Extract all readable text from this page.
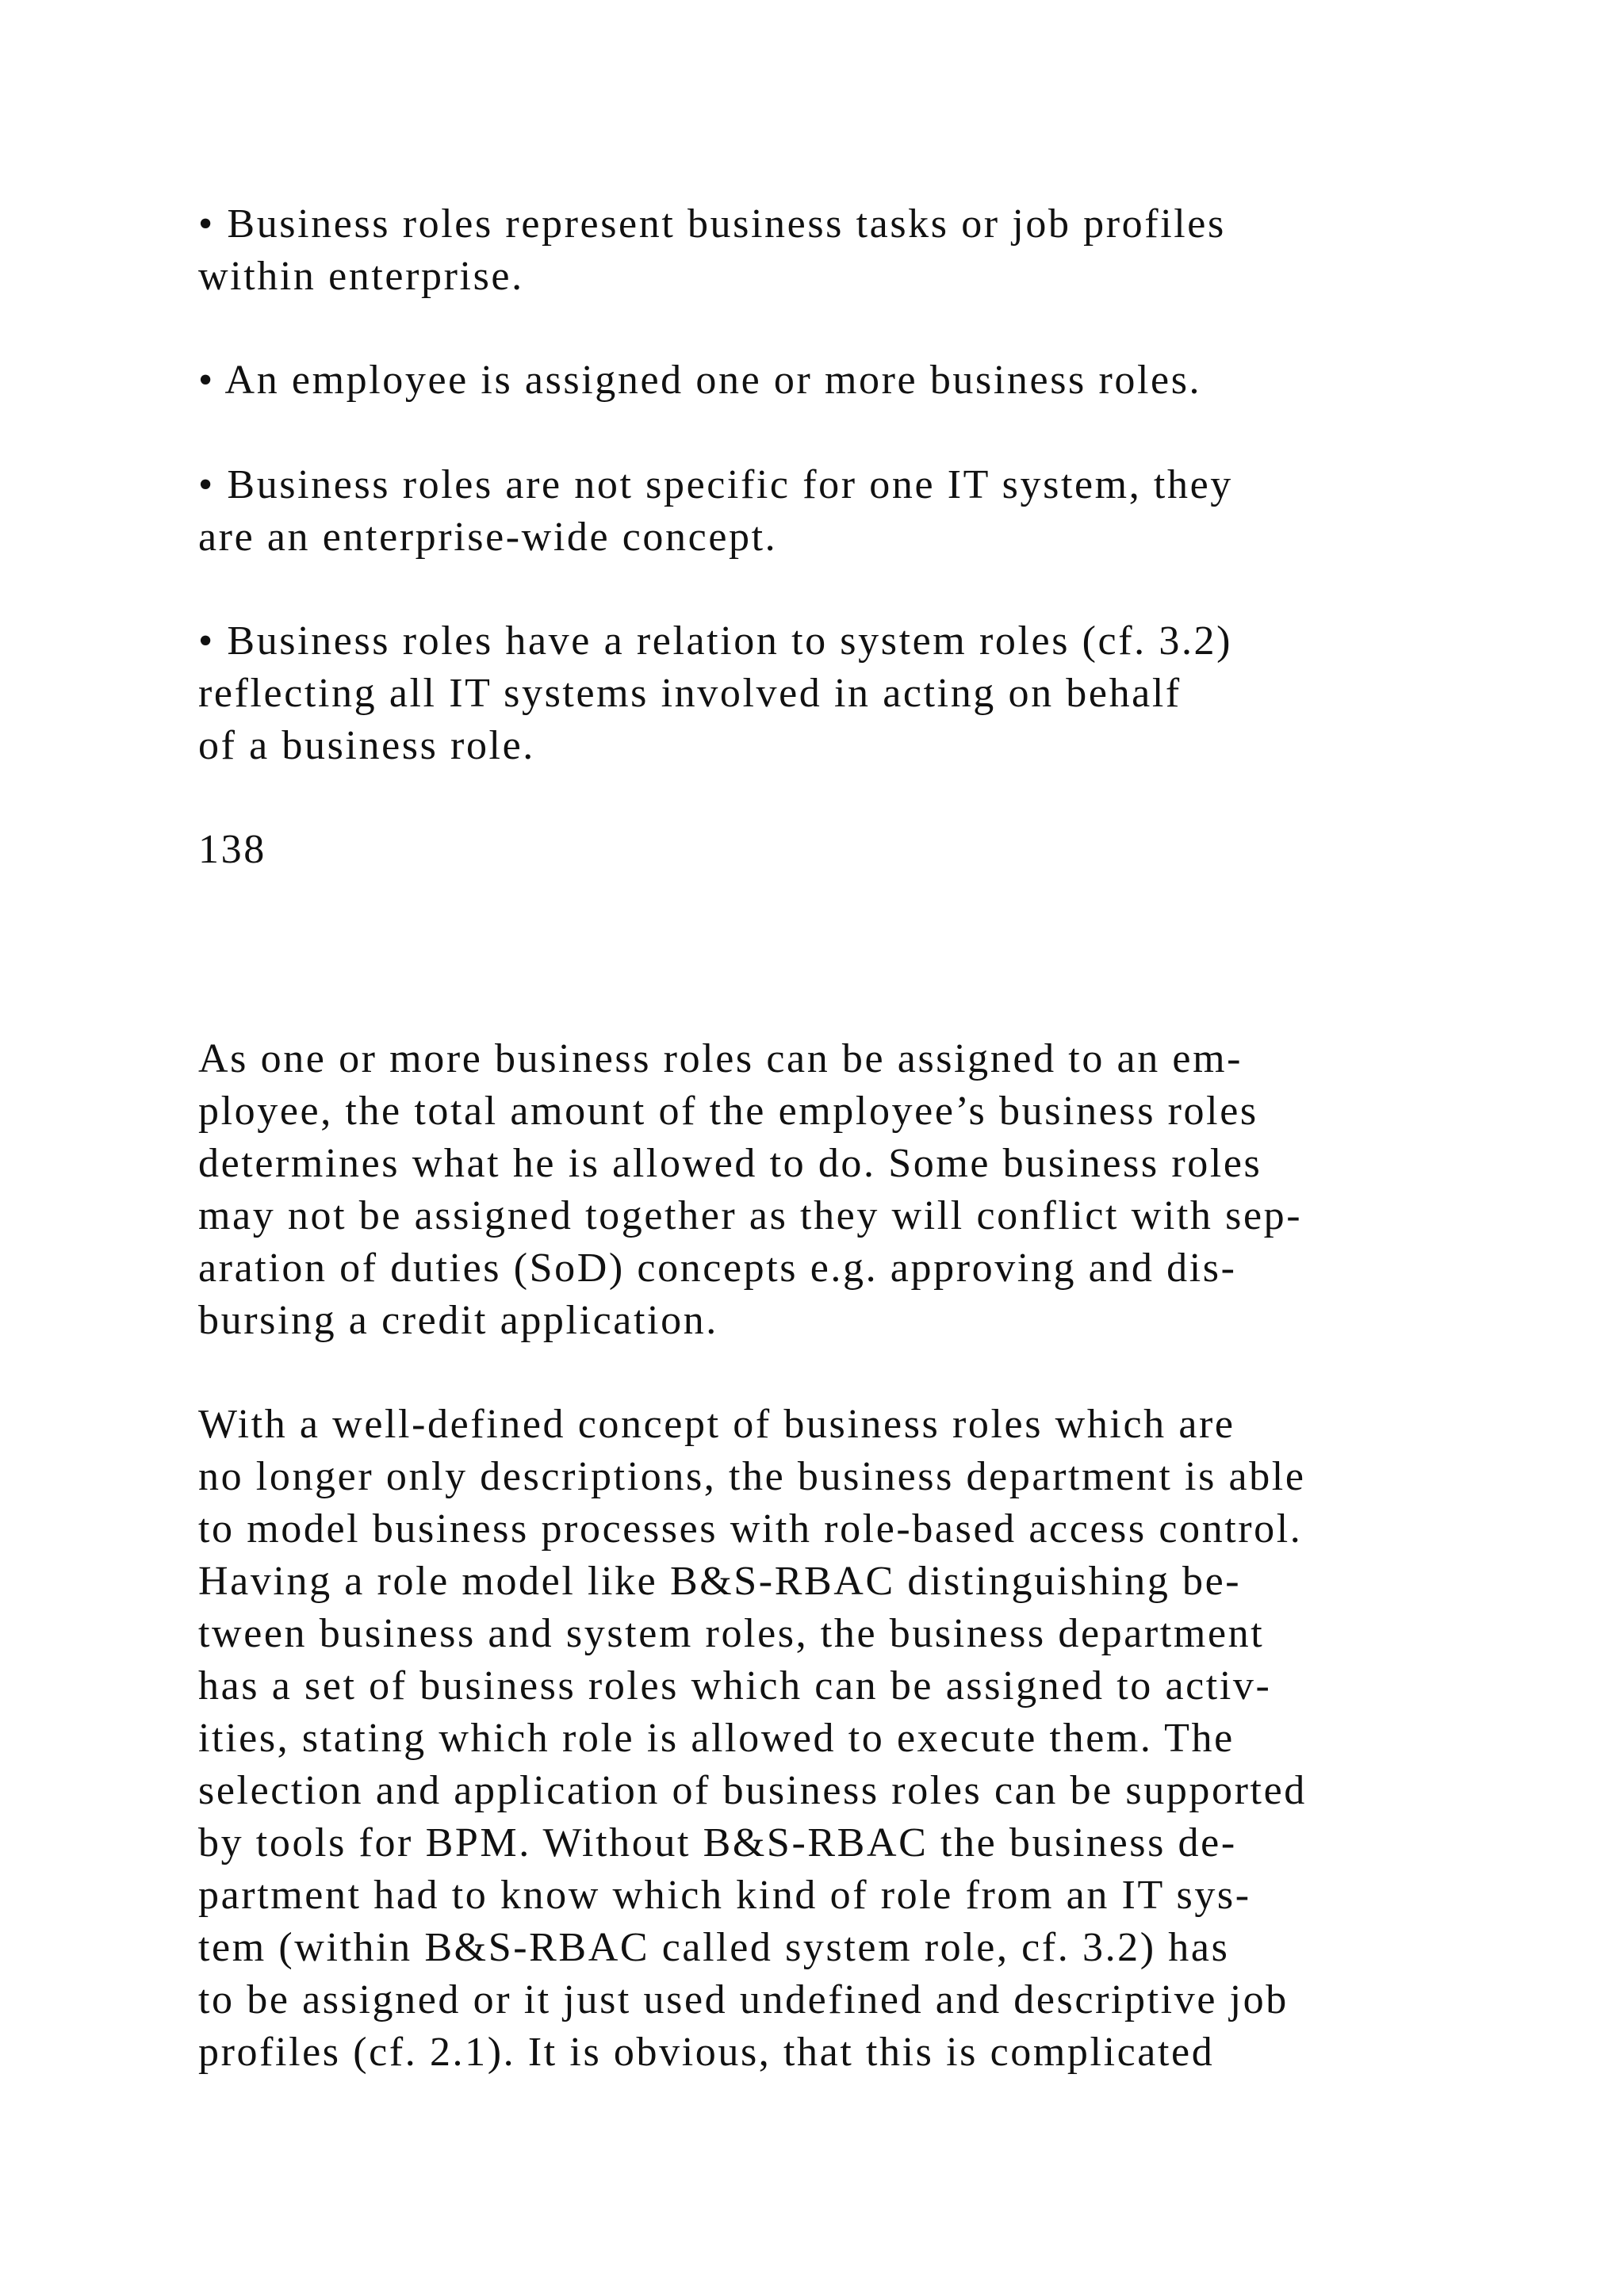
• Business roles represent business tasks or job profiles
within enterprise.
• An employee is assigned one or more business roles.
• Business roles are not specific for one IT system, they
are an enterprise-wide concept.
• Business roles have a relation to system roles (cf. 3.2)
reflecting all IT systems involved in acting on behalf
of a business role.
138
As one or more business roles can be assigned to an em-
ployee, the total amount of the employee’s business roles
determines what he is allowed to do. Some business roles
may not be assigned together as they will conflict with sep-
aration of duties (SoD) concepts e.g. approving and dis-
bursing a credit application.
With a well-defined concept of business roles which are
no longer only descriptions, the business department is able
to model business processes with role-based access control.
Having a role model like B&S-RBAC distinguishing be-
tween business and system roles, the business department
has a set of business roles which can be assigned to activ-
ities, stating which role is allowed to execute them. The
selection and application of business roles can be supported
by tools for BPM. Without B&S-RBAC the business de-
partment had to know which kind of role from an IT sys-
tem (within B&S-RBAC called system role, cf. 3.2) has
to be assigned or it just used undefined and descriptive job
profiles (cf. 2.1). It is obvious, that this is complicated
